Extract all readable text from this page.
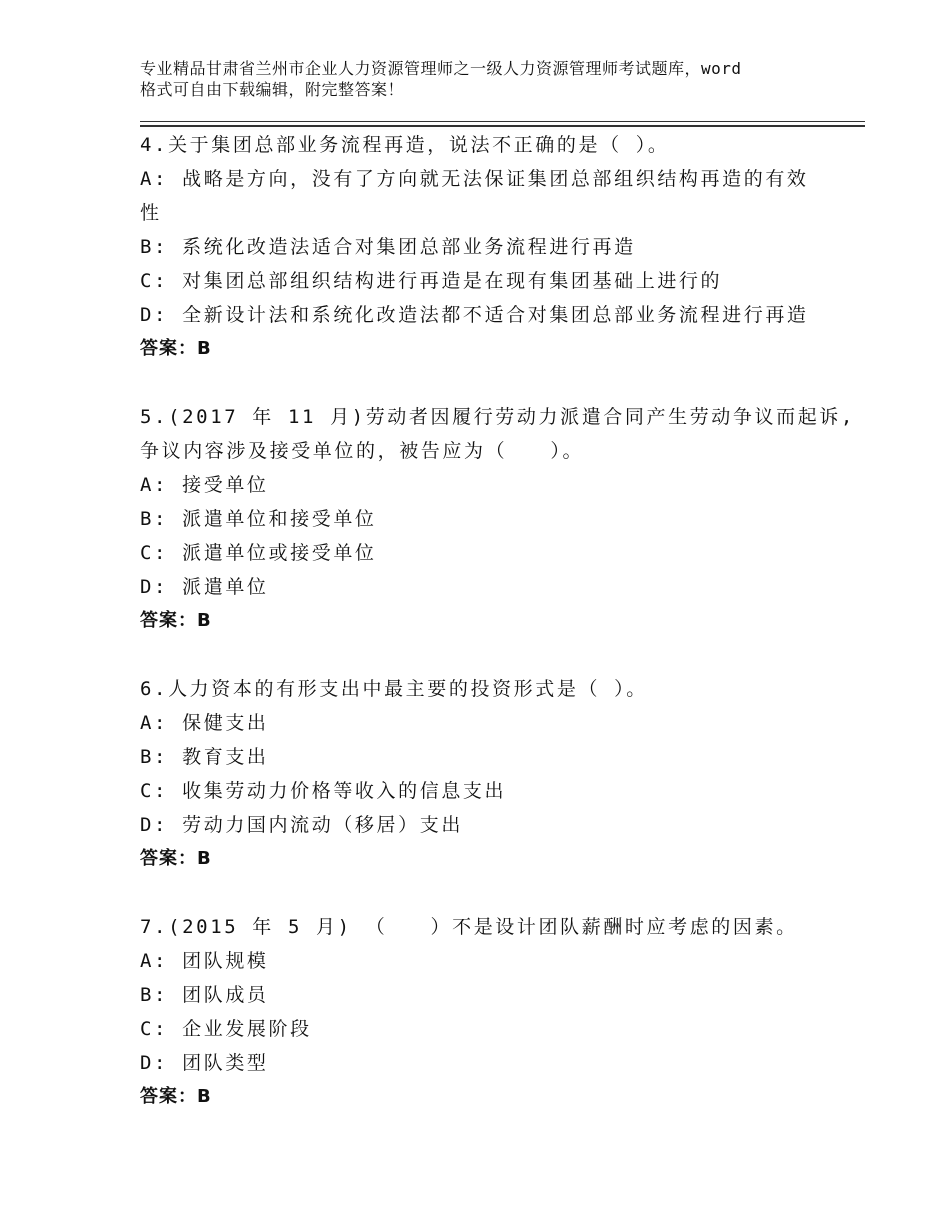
专业精品甘肃省兰州市企业人力资源管理师之一级人力资源管理师考试题库，word
格式可自由下载编辑，附完整答案！
4.关于集团总部业务流程再造，说法不正确的是（ ）。
A: 战略是方向，没有了方向就无法保证集团总部组织结构再造的有效
性
B: 系统化改造法适合对集团总部业务流程进行再造
C: 对集团总部组织结构进行再造是在现有集团基础上进行的
D: 全新设计法和系统化改造法都不适合对集团总部业务流程进行再造
答案：B
5.(2017 年 11 月)劳动者因履行劳动力派遣合同产生劳动争议而起诉,
争议内容涉及接受单位的，被告应为（　　）。
A: 接受单位
B: 派遣单位和接受单位
C: 派遣单位或接受单位
D: 派遣单位
答案：B
6.人力资本的有形支出中最主要的投资形式是（ ）。
A: 保健支出
B: 教育支出
C: 收集劳动力价格等收入的信息支出
D: 劳动力国内流动（移居）支出
答案：B
7.(2015 年 5 月) （　　）不是设计团队薪酬时应考虑的因素。
A: 团队规模
B: 团队成员
C: 企业发展阶段
D: 团队类型
答案：B
